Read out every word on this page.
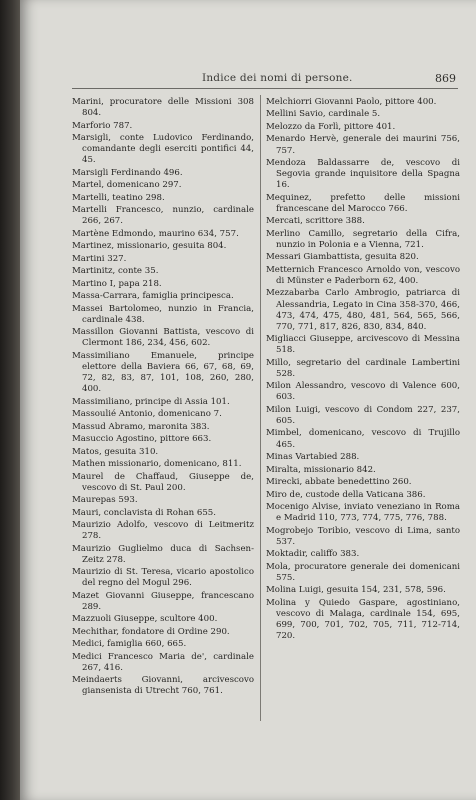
Indice dei nomi di persone.	869
Marini, procuratore delle Missioni 308 804.
Marforio 787.
Marsigli, conte Ludovico Ferdinando, comandante degli eserciti pontifici 44, 45.
Marsigli Ferdinando 496.
Martel, domenicano 297.
Martelli, teatino 298.
Martelli Francesco, nunzio, cardinale 266, 267.
Martène Edmondo, maurino 634, 757.
Martinez, missionario, gesuita 804.
Martini 327.
Martinitz, conte 35.
Martino I, papa 218.
Massa-Carrara, famiglia principesca.
Massei Bartolomeo, nunzio in Francia, cardinale 438.
Massillon Giovanni Battista, vescovo di Clermont 186, 234, 456, 602.
Massimiliano Emanuele, principe elettore della Baviera 66, 67, 68, 69, 72, 82, 83, 87, 101, 108, 260, 280, 400.
Massimiliano, principe di Assia 101.
Massoulié Antonio, domenicano 7.
Massud Abramo, maronita 383.
Masuccio Agostino, pittore 663.
Matos, gesuita 310.
Mathen missionario, domenicano, 811.
Maurel de Chaffaud, Giuseppe de, vescovo di St. Paul 200.
Maurepas 593.
Mauri, conclavista di Rohan 655.
Maurizio Adolfo, vescovo di Leitmeritz 278.
Maurizio Guglielmo duca di Sachsen-Zeitz 278.
Maurizio di St. Teresa, vicario apostolico del regno del Mogul 296.
Mazet Giovanni Giuseppe, francescano 289.
Mazzuoli Giuseppe, scultore 400.
Mechithar, fondatore di Ordine 290.
Medici, famiglia 660, 665.
Medici Francesco Maria de', cardinale 267, 416.
Meindaerts Giovanni, arcivescovo giansenista di Utrecht 760, 761.
Melchiorri Giovanni Paolo, pittore 400.
Mellini Savio, cardinale 5.
Melozzo da Forlì, pittore 401.
Menardo Hervè, generale dei maurini 756, 757.
Mendoza Baldassarre de, vescovo di Segovia grande inquisitore della Spagna 16.
Mequinez, prefetto delle missioni francescane del Marocco 766.
Mercati, scrittore 388.
Merlino Camillo, segretario della Cifra, nunzio in Polonia e a Vienna, 721.
Messari Giambattista, gesuita 820.
Metternich Francesco Arnoldo von, vescovo di Münster e Paderborn 62, 400.
Mezzabarba Carlo Ambrogio, patriarca di Alessandria, Legato in Cina 358-370, 466, 473, 474, 475, 480, 481, 564, 565, 566, 770, 771, 817, 826, 830, 834, 840.
Migliacci Giuseppe, arcivescovo di Messina 518.
Millo, segretario del cardinale Lambertini 528.
Milon Alessandro, vescovo di Valence 600, 603.
Milon Luigi, vescovo di Condom 227, 237, 605.
Mimbel, domenicano, vescovo di Trujillo 465.
Minas Vartabied 288.
Miralta, missionario 842.
Mirecki, abbate benedettino 260.
Miro de, custode della Vaticana 386.
Mocenigo Alvise, inviato veneziano in Roma e Madrid 110, 773, 774, 775, 776, 788.
Mogrobejo Toribio, vescovo di Lima, santo 537.
Moktadir, califfo 383.
Mola, procuratore generale dei domenicani 575.
Molina Luigi, gesuita 154, 231, 578, 596.
Molina y Quiedo Gaspare, agostiniano, vescovo di Malaga, cardinale 154, 695, 699, 700, 701, 702, 705, 711, 712-714, 720.
